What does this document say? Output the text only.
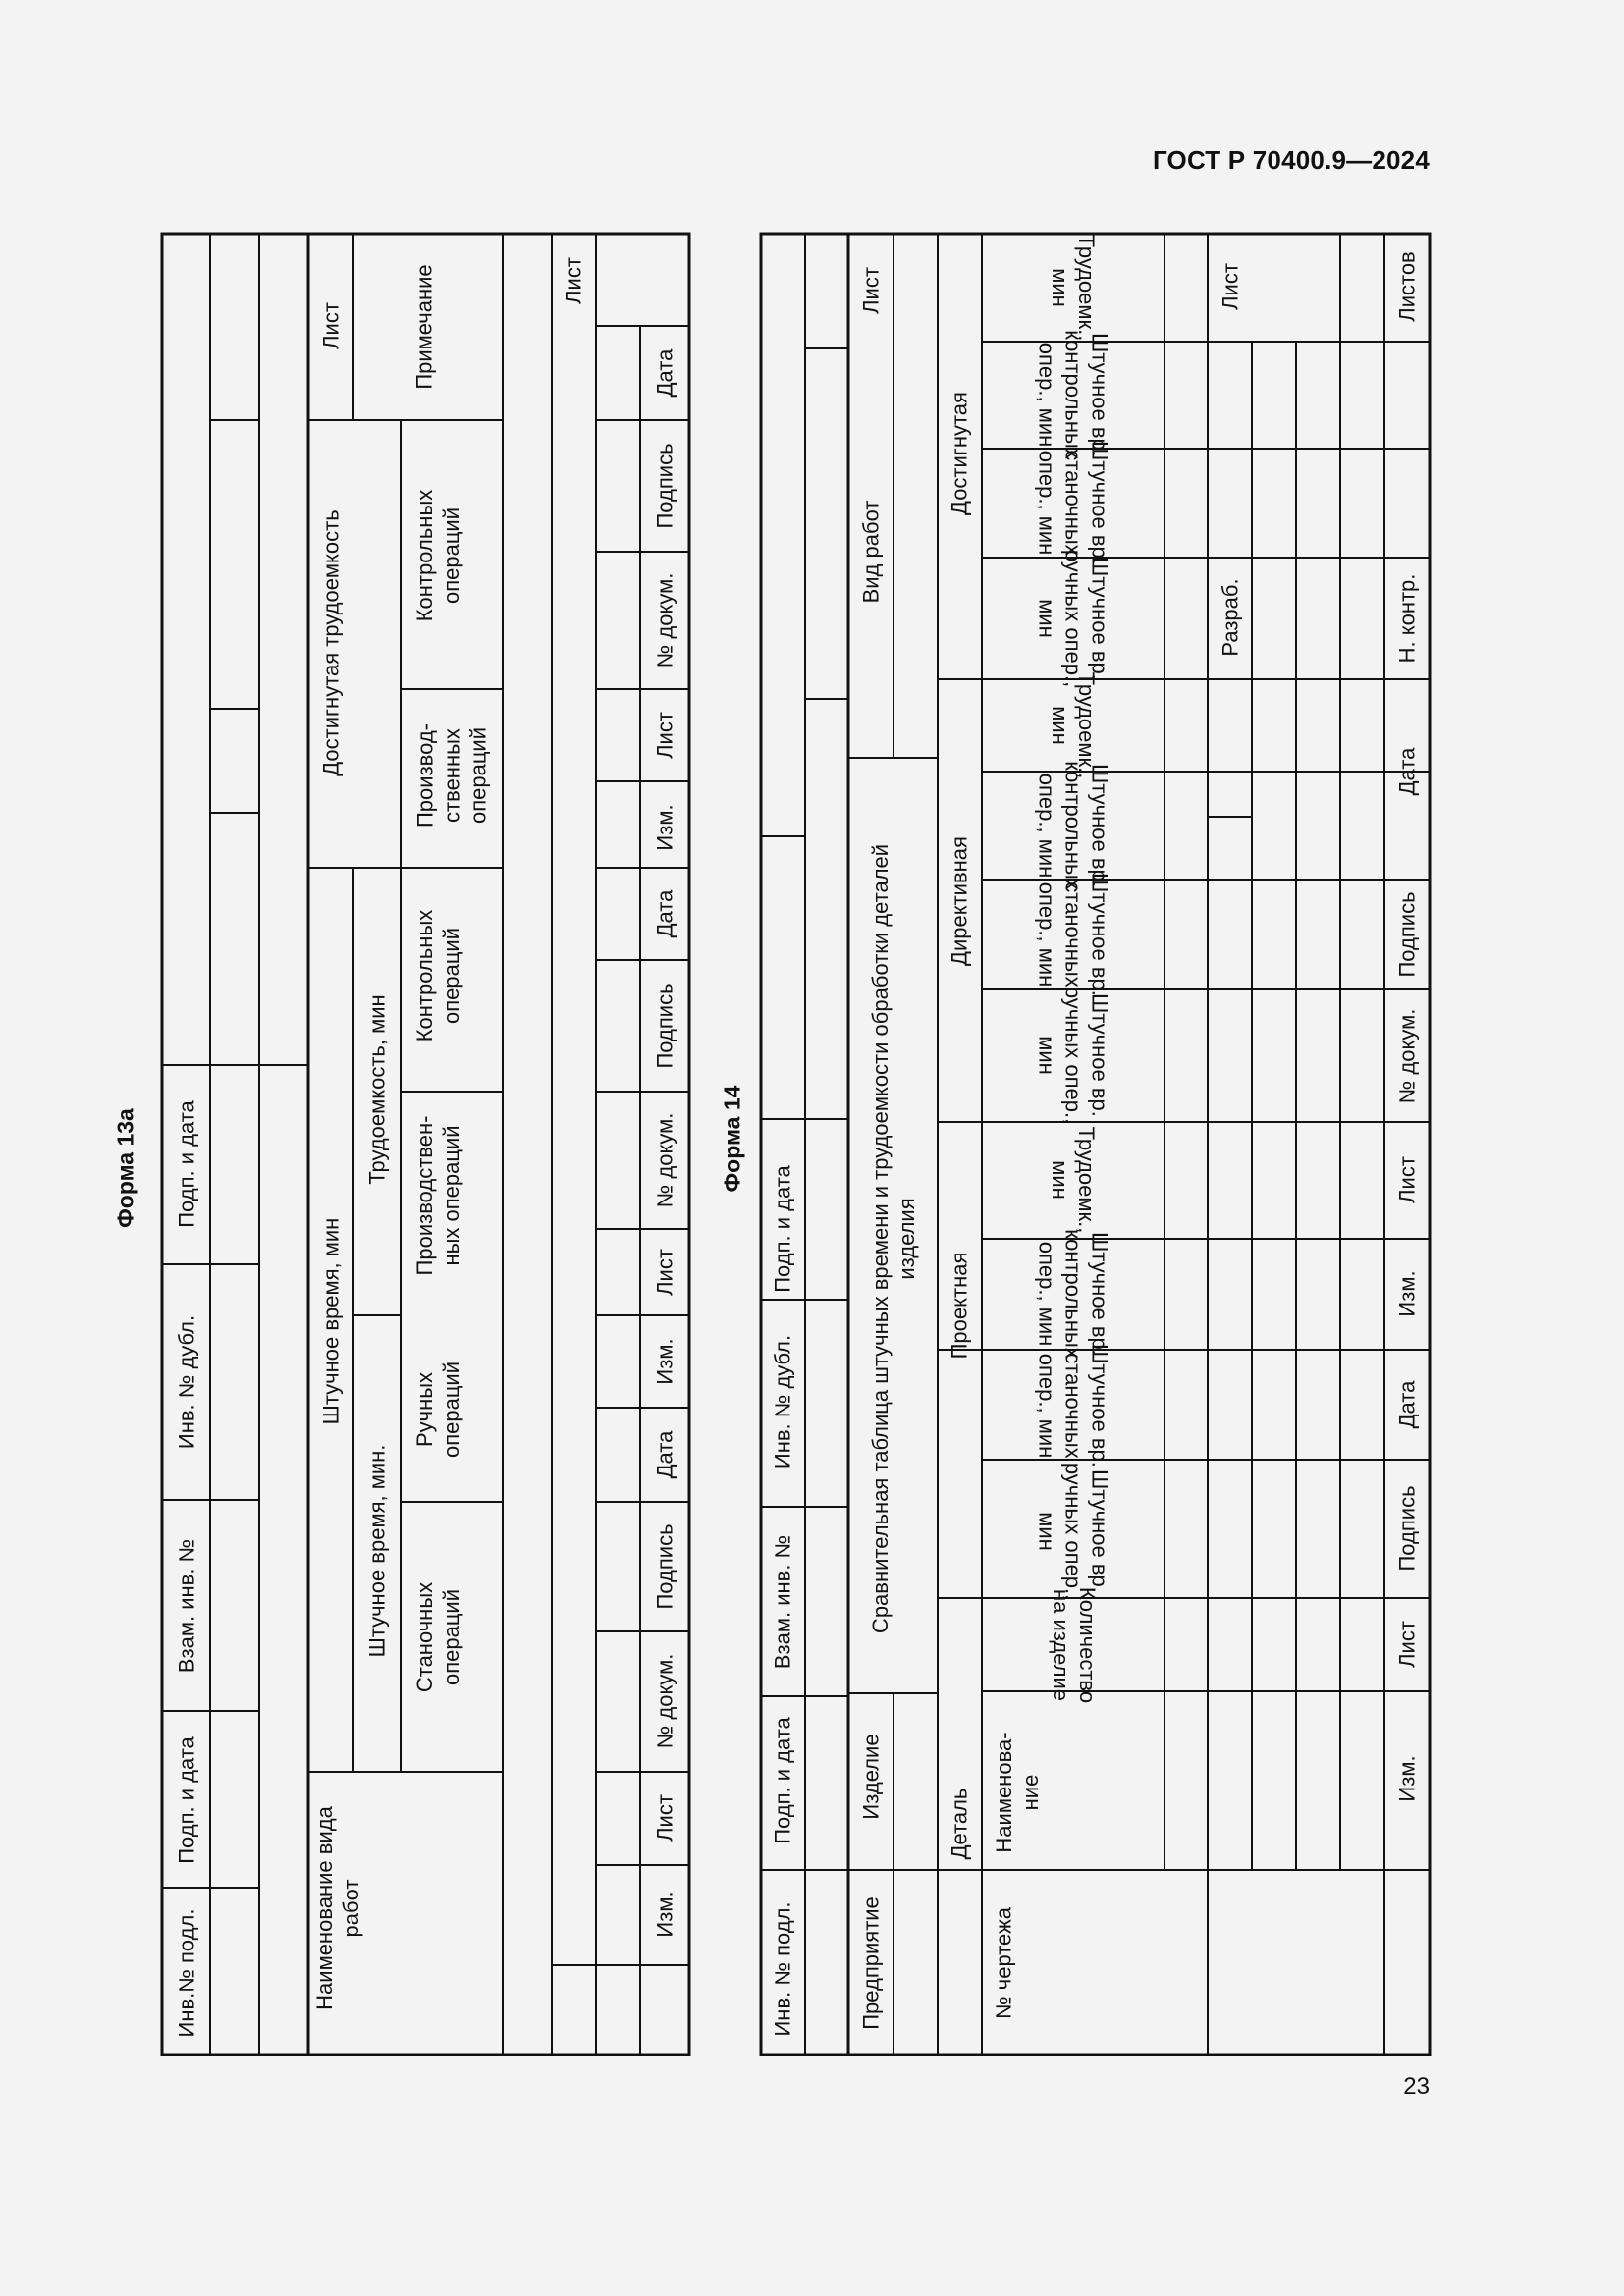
ГОСТ Р 70400.9—2024
23
Форма 13а
Инв.№ подл.
Подп. и дата
Взам. инв. №
Инв. № дубл.
Подп. и дата
Лист
Наименование вида
работ
Штучное время, мин
Штучное время, мин.
Трудоемкость, мин
Достигнутая трудоемкость
Примечание
Станочных
операций
Ручных
операций
Производствен-
ных операций
Контрольных
операций
Производ-
ственных
операций
Контрольных
операций
Лист
Изм.
Лист
№ докум.
Подпись
Дата
Изм.
Лист
№ докум.
Подпись
Дата
Изм.
Лист
№ докум.
Подпись
Дата
Форма 14
Инв. № подл.
Подп. и дата
Взам. инв. №
Инв. № дубл.
Подп. и дата
Предприятие
Изделие
Сравнительная таблица штучных времени и трудоемкости обработки деталей
изделия
Вид работ
Лист
№ чертежа
Деталь Наименова-
ние
Проектная
Директивная
Достигнутая
Количество
на изделие
Штучное вр.
ручных опер.,
мин
Штучное вр.
станочных
опер., мин
Штучное вр.
контрольных
опер., мин
Трудоемк.,
мин
Штучное вр.
ручных опер.,
мин
Штучное вр.
станочных
опер., мин
Штучное вр.
контрольных
опер., мин
Трудоемк.,
мин
Штучное вр.
ручных опер.,
мин
Штучное вр.
станочных
опер., мин
Штучное вр.
контрольных
опер., мин
Трудоемк.,
мин	Лист
Разраб.
Изм.
Лист
Подпись
Дата
Изм.
Лист
№ докум.
Подпись
Дата
Н. контр.
Листов
